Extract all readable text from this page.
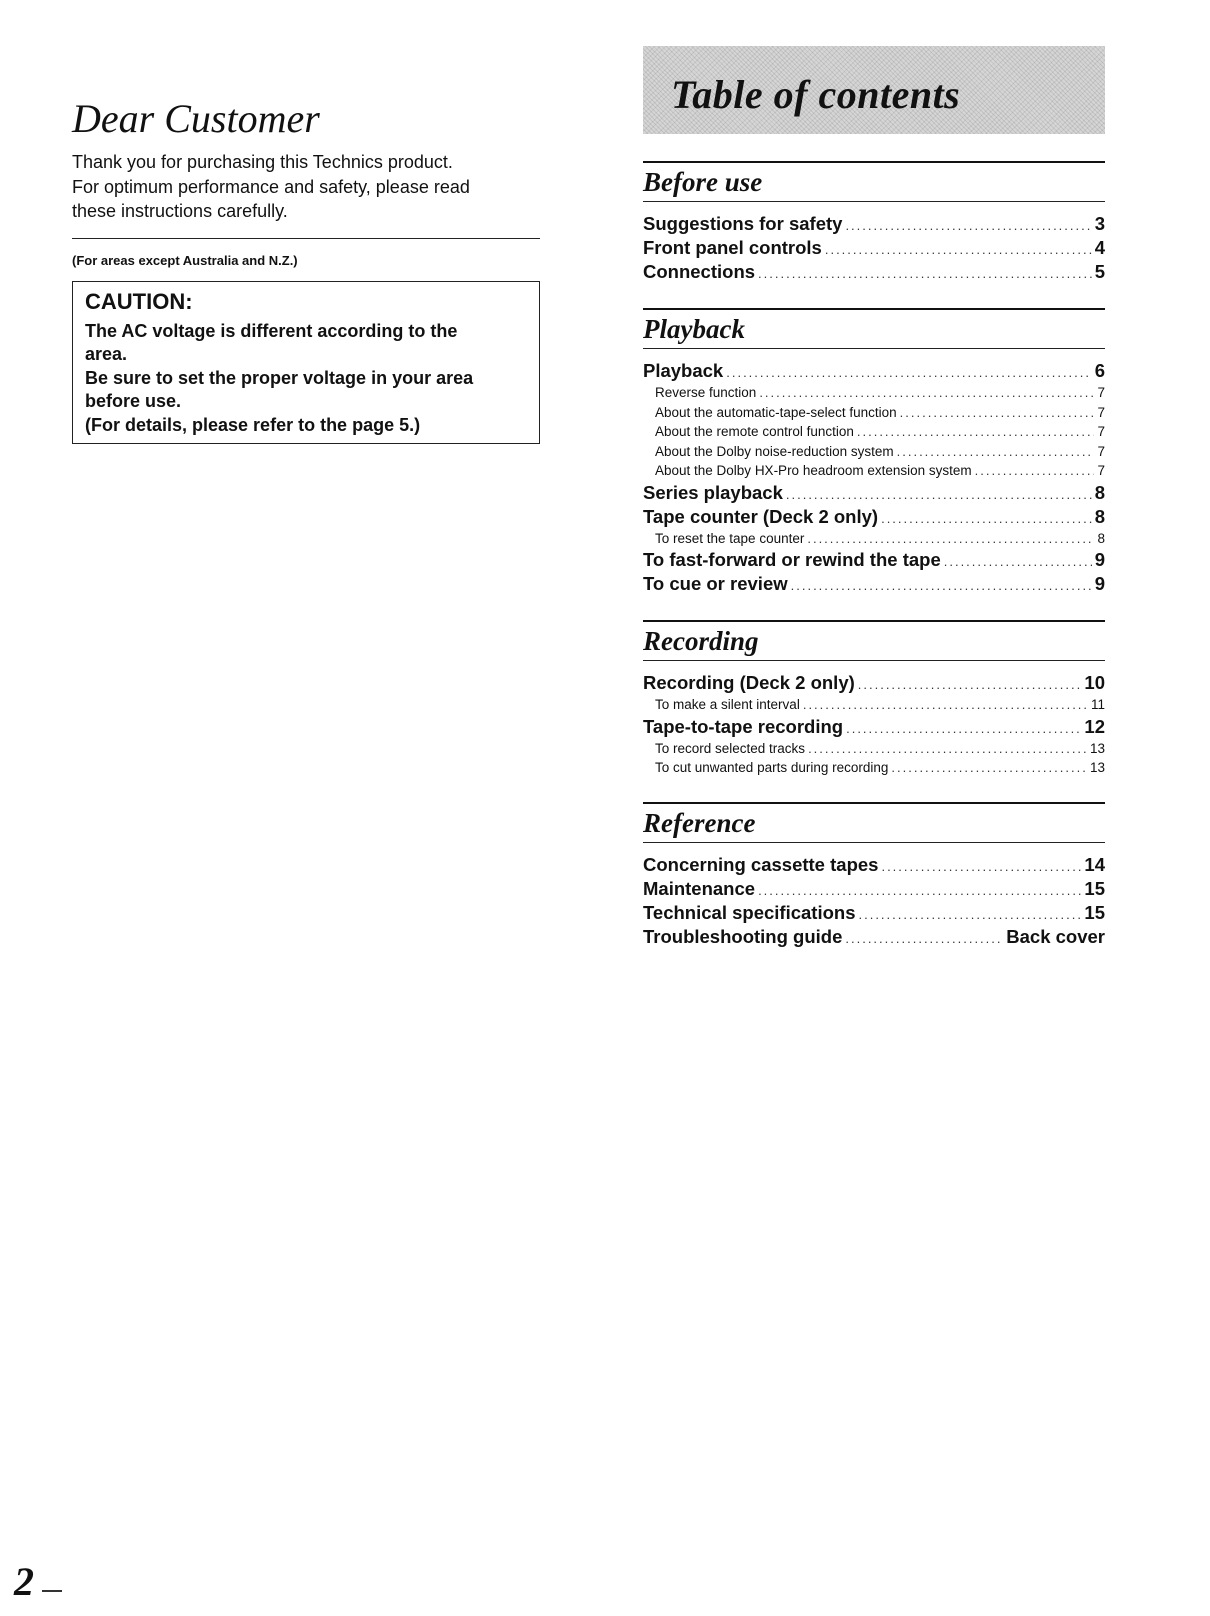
Dear Customer

Thank you for purchasing this Technics product.

For optimum performance and safety, please read

these instructions carefully.

(For areas except Australia and N.Z.)
CAUTION:
The AC voltage is different according to the
area.
Be sure to set the proper voltage in your area
before use.
(For details, please refer to the page 5.)
Table of contents
Before use
Suggestions for safety .....	3
Front panel controls .....	4
Connections .....	5
Playback
Playback .....	6
Reverse function .....	7
About the automatic-tape-select function .....	7
About the remote control function .....	7
About the Dolby noise-reduction system .....	7
About the Dolby HX-Pro headroom extension system .....	7
Series playback .....	8
Tape counter (Deck 2 only) .....	8
To reset the tape counter .....	8
To fast-forward or rewind the tape .....	9
To cue or review .....	9
Recording
Recording (Deck 2 only) .....	10
To make a silent interval .....	11
Tape-to-tape recording .....	12
To record selected tracks .....	13
To cut unwanted parts during recording .....	13
Reference
Concerning cassette tapes .....	14
Maintenance .....	15
Technical specifications .....	15
Troubleshooting guide .....	Back cover
2
